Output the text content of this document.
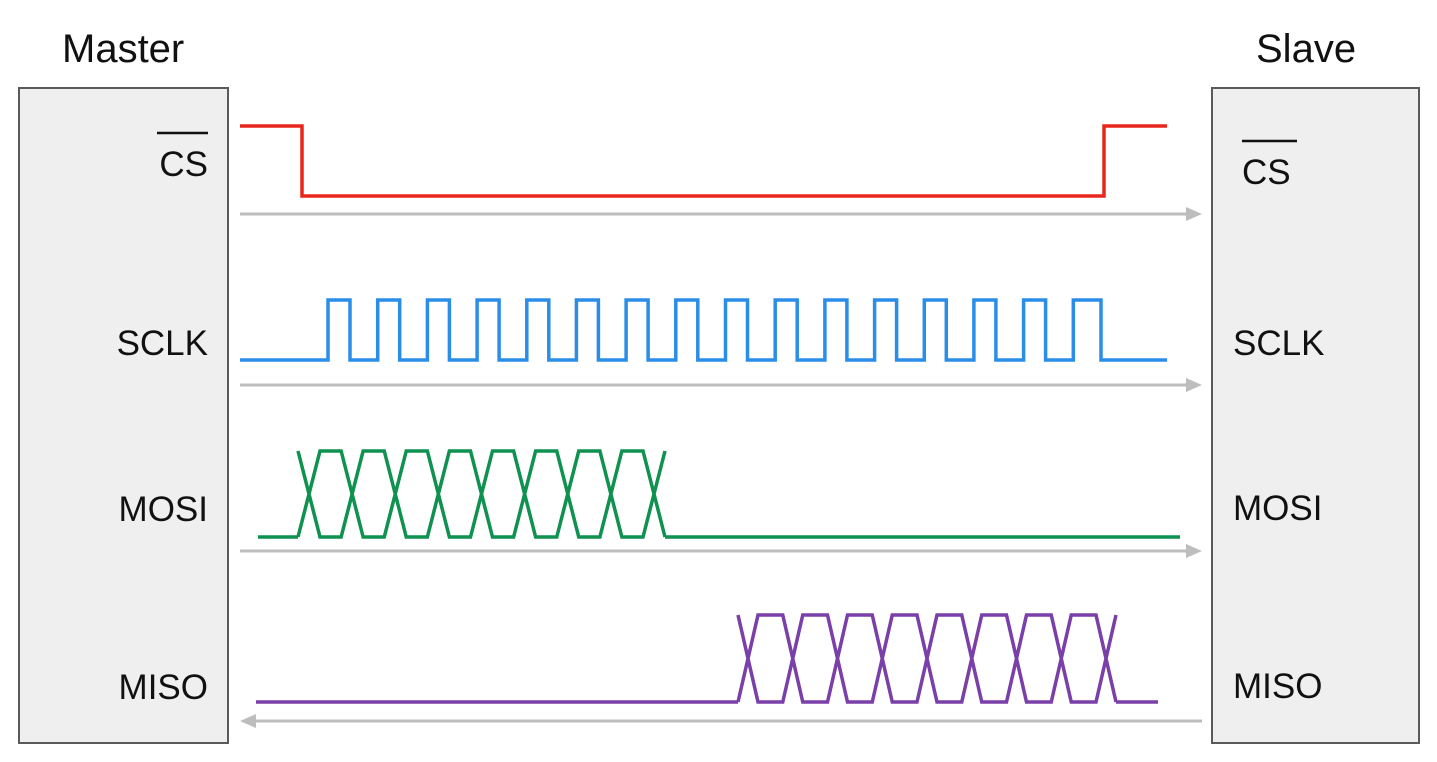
Master	Slave
CS
SCLK
MOSI
MISO
CS
SCLK
MOSI
MISO
